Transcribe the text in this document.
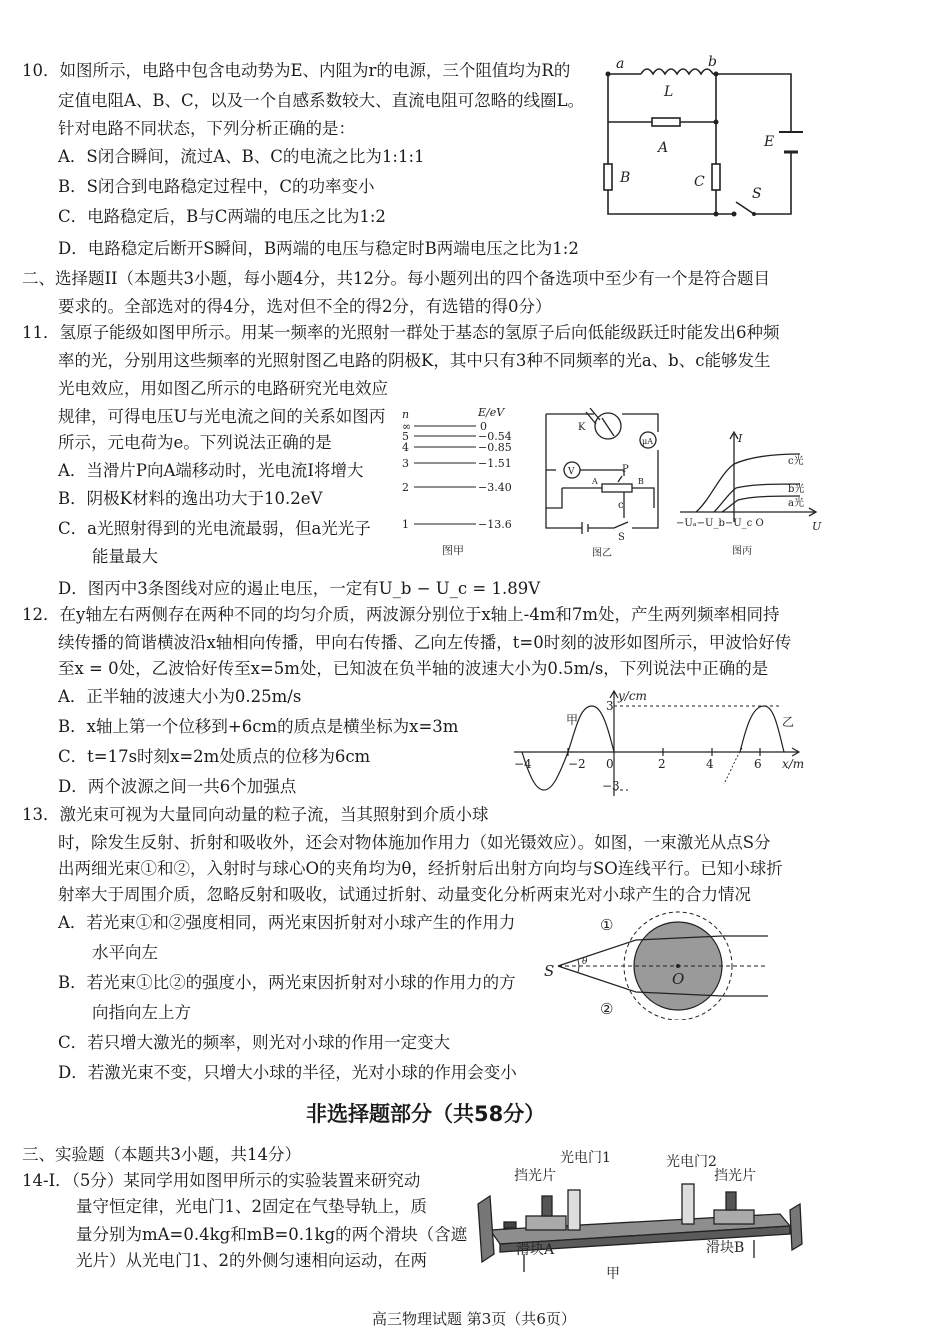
10．如图所示，电路中包含电动势为E、内阻为r的电源，三个阻值均为R的
定值电阻A、B、C，以及一个自感系数较大、直流电阻可忽略的线圈L。
针对电路不同状态，下列分析正确的是：
A．S闭合瞬间，流过A、B、C的电流之比为1:1:1
B．S闭合到电路稳定过程中，C的功率变小
C．电路稳定后，B与C两端的电压之比为1:2
D．电路稳定后断开S瞬间，B两端的电压与稳定时B两端电压之比为1:2
a	b
L
A
B	C
E
S
二、选择题II（本题共3小题，每小题4分，共12分。每小题列出的四个备选项中至少有一个是符合题目
要求的。全部选对的得4分，选对但不全的得2分，有选错的得0分）
11．氢原子能级如图甲所示。用某一频率的光照射一群处于基态的氢原子后向低能级跃迁时能发出6种频
率的光，分别用这些频率的光照射图乙电路的阴极K，其中只有3种不同频率的光a、b、c能够发生
光电效应，用如图乙所示的电路研究光电效应
规律，可得电压U与光电流之间的关系如图丙
所示，元电荷为e。下列说法正确的是
A．当滑片P向A端移动时，光电流I将增大
B．阴极K材料的逸出功大于10.2eV
C．a光照射得到的光电流最弱，但a光光子
能量最大
D．图丙中3条图线对应的遏止电压，一定有U_b − U_c = 1.89V
n	E/eV
∞	0
5	−0.54
4	−0.85
3	−1.51
2	−3.40
1	−13.6
图甲
K
μA
V	P
A	B
c
S
图乙
I
U
c光
b光
a光
−Uₐ−U_b−U_c O
图丙
12．在y轴左右两侧存在两种不同的均匀介质，两波源分别位于x轴上-4m和7m处，产生两列频率相同持
续传播的简谐横波沿x轴相向传播，甲向右传播、乙向左传播，t=0时刻的波形如图所示，甲波恰好传
至x = 0处，乙波恰好传至x=5m处，已知波在负半轴的波速大小为0.5m/s，下列说法中正确的是
A．正半轴的波速大小为0.25m/s
B．x轴上第一个位移到+6cm的质点是横坐标为x=3m
C．t=17s时刻x=2m处质点的位移为6cm
D．两个波源之间一共6个加强点
y/cm
x/m
甲	乙
−4	−2 0	2	4	6
3
−3
13．激光束可视为大量同向动量的粒子流，当其照射到介质小球
时，除发生反射、折射和吸收外，还会对物体施加作用力（如光镊效应）。如图，一束激光从点S分
出两细光束①和②，入射时与球心O的夹角均为θ，经折射后出射方向均与SO连线平行。已知小球折
射率大于周围介质，忽略反射和吸收，试通过折射、动量变化分析两束光对小球产生的合力情况
A．若光束①和②强度相同，两光束因折射对小球产生的作用力
水平向左
B．若光束①比②的强度小，两光束因折射对小球的作用力的方
向指向左上方
C．若只增大激光的频率，则光对小球的作用一定变大
D．若激光束不变，只增大小球的半径，光对小球的作用会变小
①
②
S	O
θ
非选择题部分（共58分）
三、实验题（本题共3小题，共14分）
14-I．（5分）某同学用如图甲所示的实验装置来研究动
量守恒定律，光电门1、2固定在气垫导轨上，质
量分别为mA=0.4kg和mB=0.1kg的两个滑块（含遮
光片）从光电门1、2的外侧匀速相向运动，在两
光电门1	光电门2
挡光片	挡光片
滑块A	滑块B
甲
高三物理试题 第3页（共6页）
